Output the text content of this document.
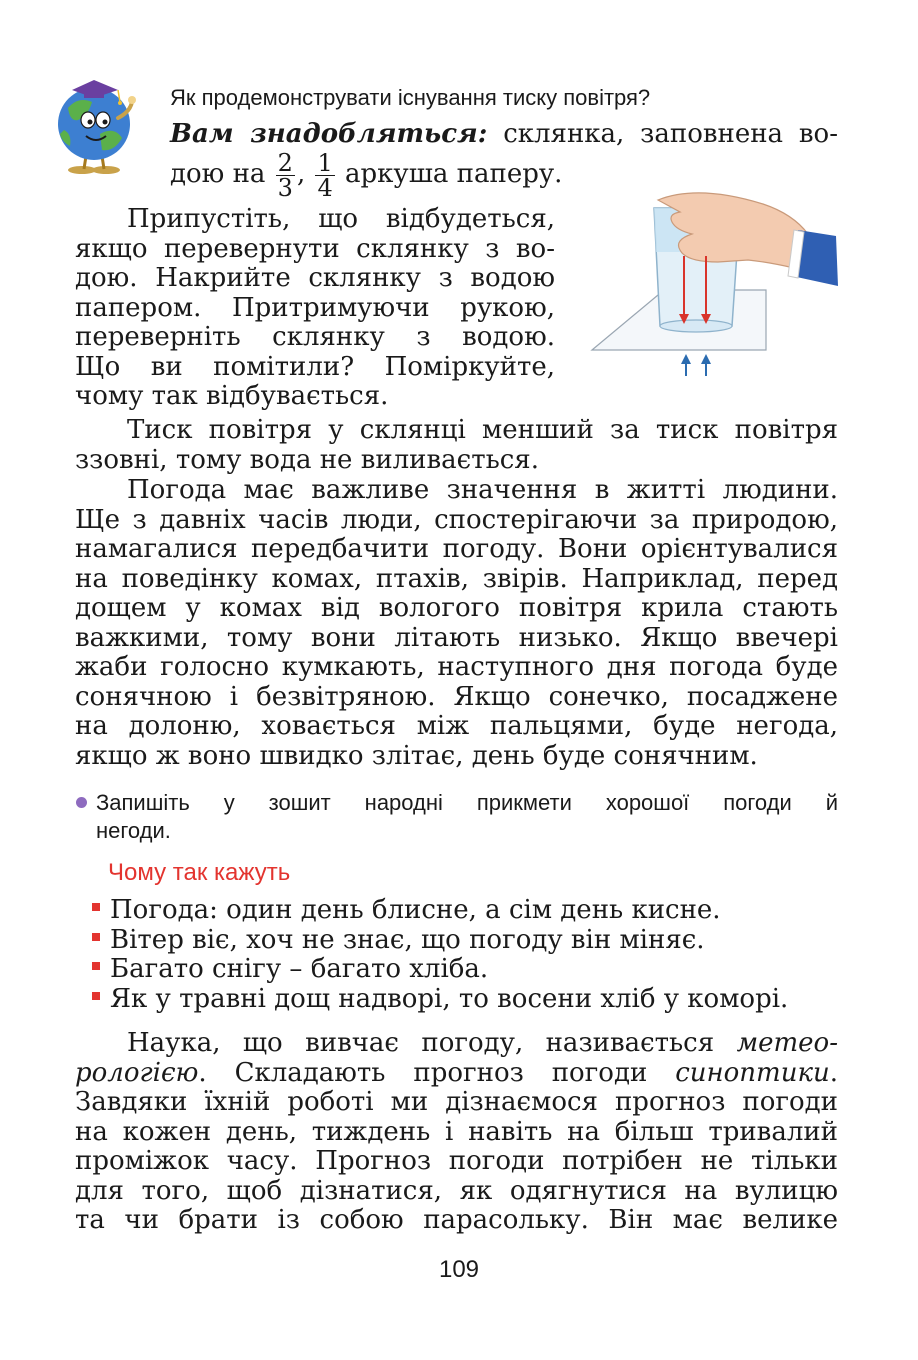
Як продемонструвати існування тиску повітря?
Вам знадобляться: склянка, заповнена во-
дою на $\frac{2}{3}$ , $\frac{1}{4}$ аркуша паперу.
Припустіть, що відбудеться,
якщо перевернути склянку з во-
дою. Накрийте склянку з водою
папером. Притримуючи рукою,
переверніть склянку з водою.
Що ви помітили? Поміркуйте,
чому так відбувається.
Тиск повітря у склянці менший за тиск повітря
ззовні, тому вода не виливається.
Погода має важливе значення в житті людини.
Ще з давніх часів люди, спостерігаючи за природою,
намагалися передбачити погоду. Вони орієнтувалися
на поведінку комах, птахів, звірів. Наприклад, перед
дощем у комах від вологого повітря крила стають
важкими, тому вони літають низько. Якщо ввечері
жаби голосно кумкають, наступного дня погода буде
сонячною і безвітряною. Якщо сонечко, посаджене
на долоню, ховається між пальцями, буде негода,
якщо ж воно швидко злітає, день буде сонячним.
Запишіть у зошит народні прикмети хорошої погоди й
негоди.
Чому так кажуть
Погода: один день блисне, а сім день кисне.
Вітер віє, хоч не знає, що погоду він міняє.
Багато снігу – багато хліба.
Як у травні дощ надворі, то восени хліб у коморі.
Наука, що вивчає погоду, називається метео-
рологією. Складають прогноз погоди синоптики.
Завдяки їхній роботі ми дізнаємося прогноз погоди
на кожен день, тиждень і навіть на більш тривалий
проміжок часу. Прогноз погоди потрібен не тільки
для того, щоб дізнатися, як одягнутися на вулицю
та чи брати із собою парасольку. Він має велике
109
